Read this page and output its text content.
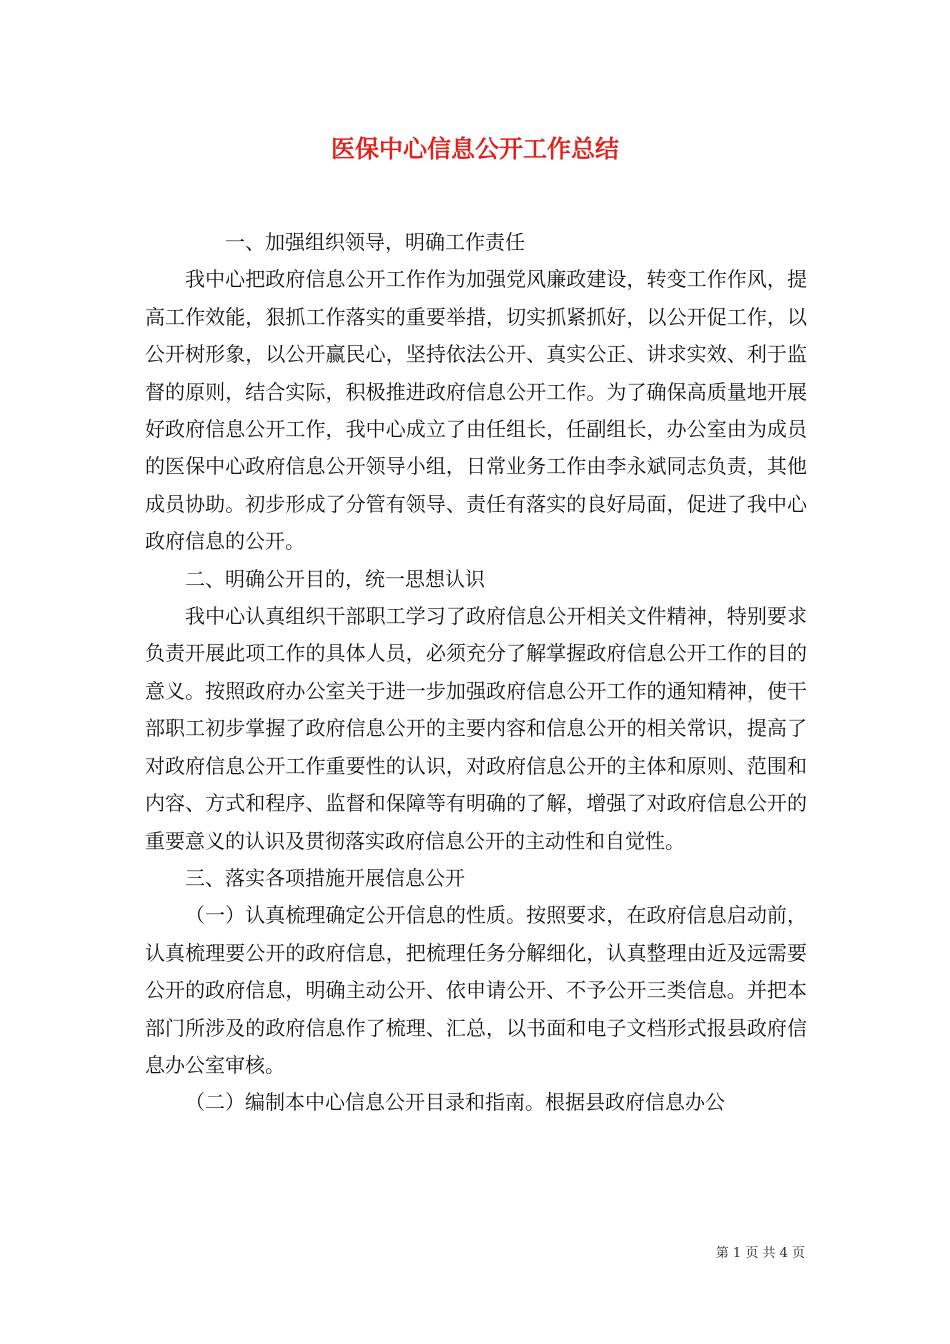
医保中心信息公开工作总结

一、加强组织领导，明确工作责任

我中心把政府信息公开工作作为加强党风廉政建设，转变工作作风，提高工作效能，狠抓工作落实的重要举措，切实抓紧抓好，以公开促工作，以公开树形象，以公开赢民心，坚持依法公开、真实公正、讲求实效、利于监督的原则，结合实际，积极推进政府信息公开工作。为了确保高质量地开展好政府信息公开工作，我中心成立了由任组长，任副组长，办公室由为成员的医保中心政府信息公开领导小组，日常业务工作由李永斌同志负责，其他成员协助。初步形成了分管有领导、责任有落实的良好局面，促进了我中心政府信息的公开。

二、明确公开目的，统一思想认识

我中心认真组织干部职工学习了政府信息公开相关文件精神，特别要求负责开展此项工作的具体人员，必须充分了解掌握政府信息公开工作的目的意义。按照政府办公室关于进一步加强政府信息公开工作的通知精神，使干部职工初步掌握了政府信息公开的主要内容和信息公开的相关常识，提高了对政府信息公开工作重要性的认识，对政府信息公开的主体和原则、范围和内容、方式和程序、监督和保障等有明确的了解，增强了对政府信息公开的重要意义的认识及贯彻落实政府信息公开的主动性和自觉性。

三、落实各项措施开展信息公开

（一）认真梳理确定公开信息的性质。按照要求，在政府信息启动前，认真梳理要公开的政府信息，把梳理任务分解细化，认真整理由近及远需要公开的政府信息，明确主动公开、依申请公开、不予公开三类信息。并把本部门所涉及的政府信息作了梳理、汇总，以书面和电子文档形式报县政府信息办公室审核。

（二）编制本中心信息公开目录和指南。根据县政府信息办公

第 1 页 共 4 页
